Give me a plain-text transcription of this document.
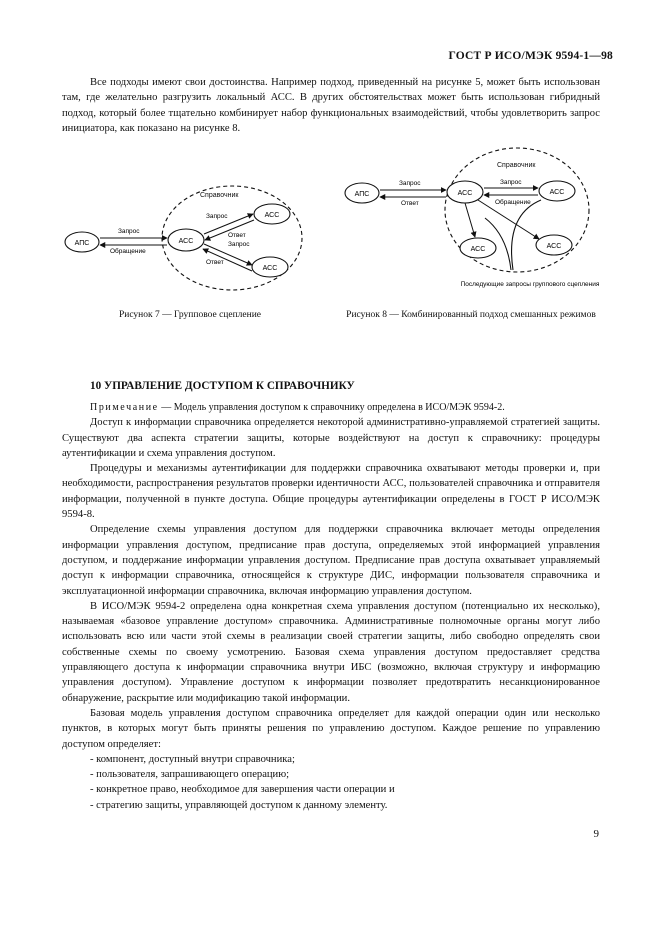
ГОСТ Р ИСО/МЭК 9594-1—98

Все подходы имеют свои достоинства. Например подход, приведенный на рисунке 5, может быть использован там, где желательно разгрузить локальный АСС. В других обстоятельствах может быть использован гибридный подход, который более тщательно комбинирует набор функциональных взаимодействий, чтобы удовлетворить запрос инициатора, как показано на рисунке 8.

Справочник
АПС	АСС
АСС
АСС
Запрос
Обращение
Запрос
Ответ
Запрос
Ответ
Рисунок 7 — Групповое сцепление
Справочник
АПС	АСС	АСС
АСС	АСС
Запрос
Ответ
Запрос
Обращение
Последующие запросы группового сцепления
Рисунок 8 — Комбинированный подход смешанных режимов
10 УПРАВЛЕНИЕ ДОСТУПОМ К СПРАВОЧНИКУ

Примечание — Модель управления доступом к справочнику определена в ИСО/МЭК 9594-2.

Доступ к информации справочника определяется некоторой административно-управляемой стратегией защиты. Существуют два аспекта стратегии защиты, которые воздействуют на доступ к справочнику: процедуры аутентификации и схема управления доступом.

Процедуры и механизмы аутентификации для поддержки справочника охватывают методы проверки и, при необходимости, распространения результатов проверки идентичности АСС, пользователей справочника и отправителя информации, полученной в пункте доступа. Общие процедуры аутентификации определены в ГОСТ Р ИСО/МЭК 9594-8.

Определение схемы управления доступом для поддержки справочника включает методы определения информации управления доступом, предписание прав доступа, определяемых этой информацией управления доступом, и поддержание информации управления доступом. Предписание прав доступа охватывает управляемый доступ к информации справочника, относящейся к структуре ДИС, информации пользователя справочника и эксплуатационной информации справочника, включая информацию управления доступом.

В ИСО/МЭК 9594-2 определена одна конкретная схема управления доступом (потенциально их несколько), называемая «базовое управление доступом» справочника. Административные полномочные органы могут либо использовать всю или части этой схемы в реализации своей стратегии защиты, либо свободно определять свои собственные схемы по своему усмотрению. Базовая схема управления доступом предоставляет средства управляющего доступа к информации справочника внутри ИБС (возможно, включая структуру и информацию управления доступом). Управление доступом к информации позволяет предотвратить несанкционированное обнаружение, раскрытие или модификацию такой информации.

Базовая модель управления доступом справочника определяет для каждой операции один или несколько пунктов, в которых могут быть приняты решения по управлению доступом. Каждое решение по управлению доступом определяет:

- компонент, доступный внутри справочника;
- пользователя, запрашивающего операцию;
- конкретное право, необходимое для завершения части операции и
- стратегию защиты, управляющей доступом к данному элементу.
9
